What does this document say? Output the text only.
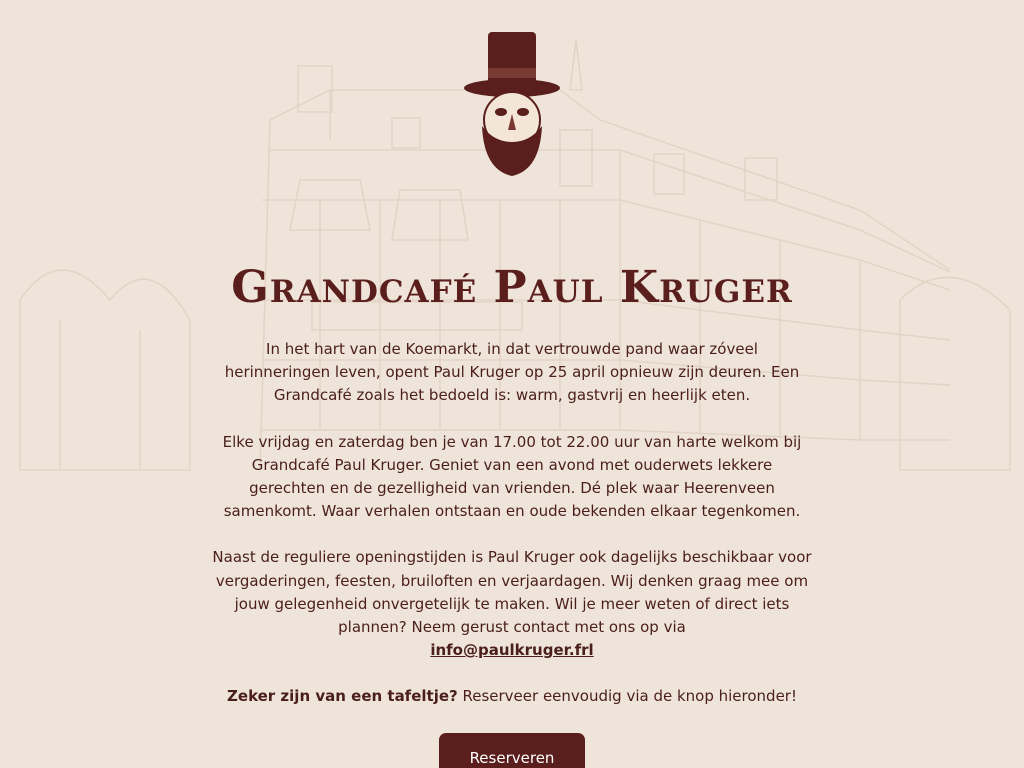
Grandcafé Paul Kruger

In het hart van de Koemarkt, in dat vertrouwde pand waar zóveel herinneringen leven, opent Paul Kruger op 25 april opnieuw zijn deuren. Een Grandcafé zoals het bedoeld is: warm, gastvrij en heerlijk eten.

Elke vrijdag en zaterdag ben je van 17.00 tot 22.00 uur van harte welkom bij Grandcafé Paul Kruger. Geniet van een avond met ouderwets lekkere gerechten en de gezelligheid van vrienden. Dé plek waar Heerenveen samenkomt. Waar verhalen ontstaan en oude bekenden elkaar tegenkomen.

Naast de reguliere openingstijden is Paul Kruger ook dagelijks beschikbaar voor vergaderingen, feesten, bruiloften en verjaardagen. Wij denken graag mee om jouw gelegenheid onvergetelijk te maken. Wil je meer weten of direct iets plannen? Neem gerust contact met ons op via
info@paulkruger.frl

Zeker zijn van een tafeltje? Reserveer eenvoudig via de knop hieronder!

Reserveren
